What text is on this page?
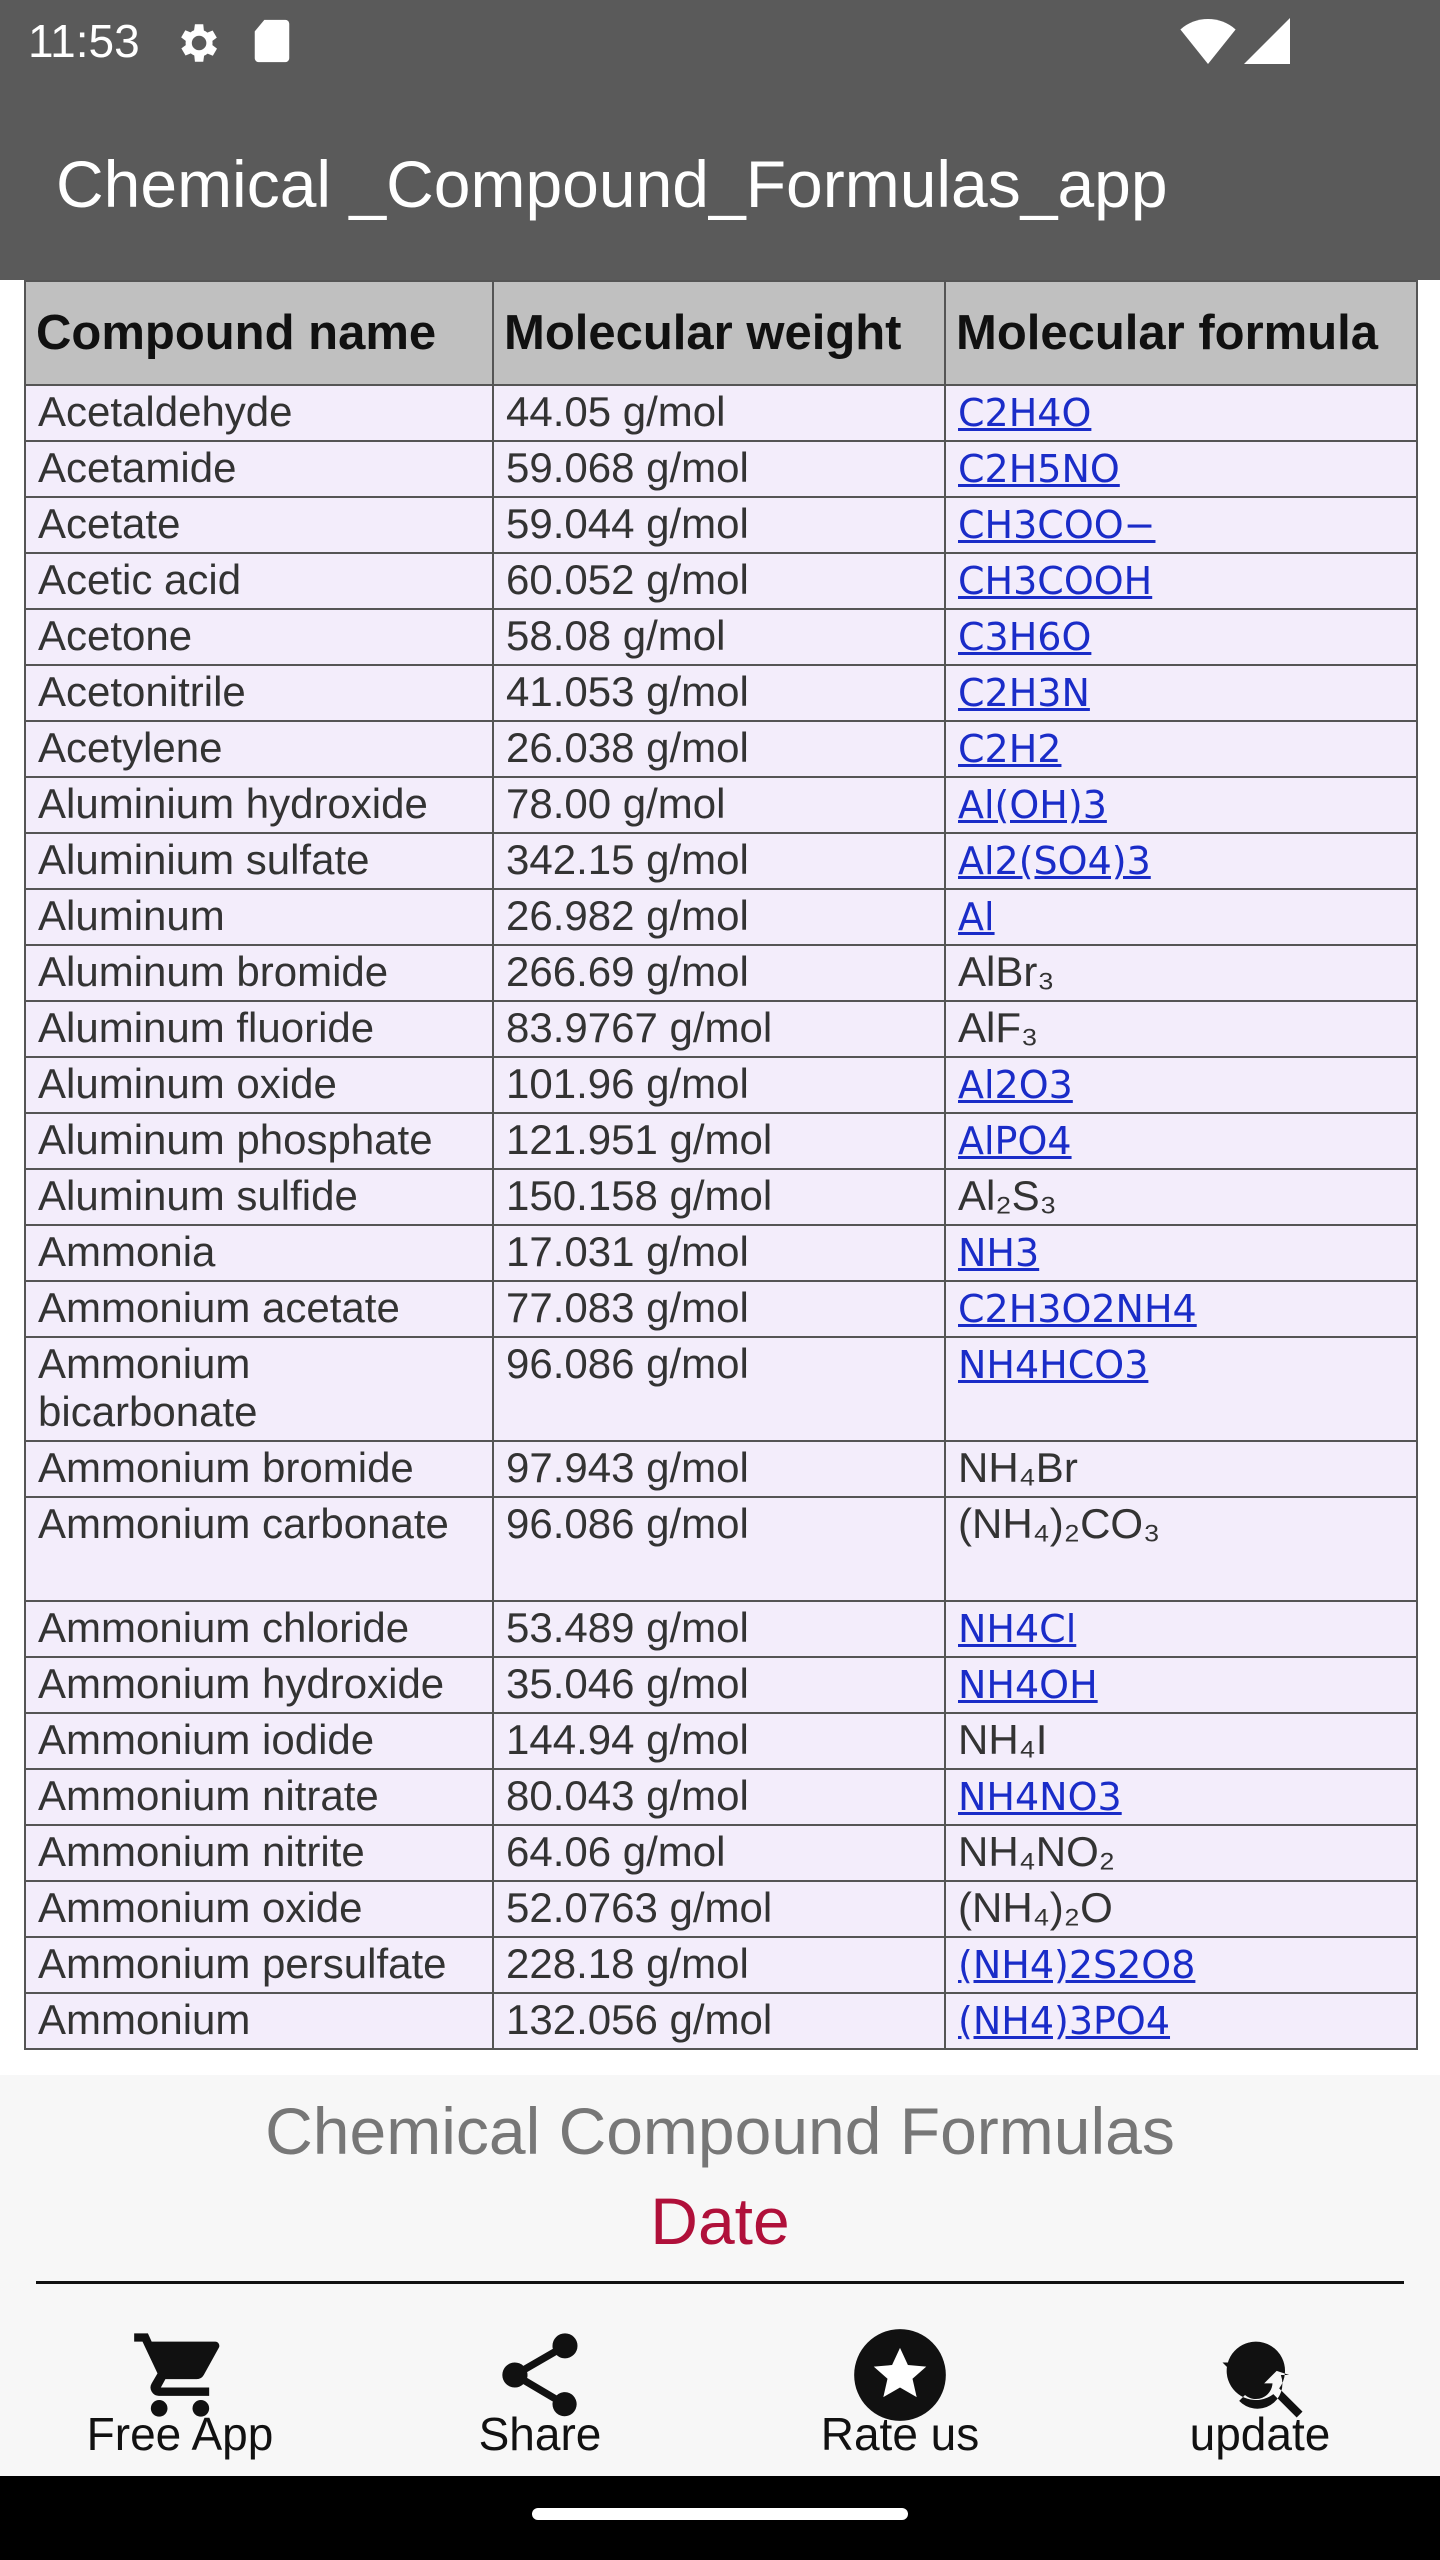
11:53
Chemical _Compound_Formulas_app
Compound name	Molecular weight	Molecular formula
Acetaldehyde	44.05 g/mol	C2H4O
Acetamide	59.068 g/mol	C2H5NO
Acetate	59.044 g/mol	CH3COO−
Acetic acid	60.052 g/mol	CH3COOH
Acetone	58.08 g/mol	C3H6O
Acetonitrile	41.053 g/mol	C2H3N
Acetylene	26.038 g/mol	C2H2
Aluminium hydroxide	78.00 g/mol	Al(OH)3
Aluminium sulfate	342.15 g/mol	Al2(SO4)3
Aluminum	26.982 g/mol	Al
Aluminum bromide	266.69 g/mol	AlBr₃
Aluminum fluoride	83.9767 g/mol	AlF₃
Aluminum oxide	101.96 g/mol	Al2O3
Aluminum phosphate	121.951 g/mol	AlPO4
Aluminum sulfide	150.158 g/mol	Al₂S₃
Ammonia	17.031 g/mol	NH3
Ammonium acetate	77.083 g/mol	C2H3O2NH4
Ammonium bicarbonate	96.086 g/mol	NH4HCO3
Ammonium bromide	97.943 g/mol	NH₄Br
Ammonium carbonate	96.086 g/mol	(NH₄)₂CO₃
Ammonium chloride	53.489 g/mol	NH4Cl
Ammonium hydroxide	35.046 g/mol	NH4OH
Ammonium iodide	144.94 g/mol	NH₄I
Ammonium nitrate	80.043 g/mol	NH4NO3
Ammonium nitrite	64.06 g/mol	NH₄NO₂
Ammonium oxide	52.0763 g/mol	(NH₄)₂O
Ammonium persulfate	228.18 g/mol	(NH4)2S2O8
Ammonium	132.056 g/mol	(NH4)3PO4
Chemical Compound Formulas
Date
Free App	Share	Rate us	update
